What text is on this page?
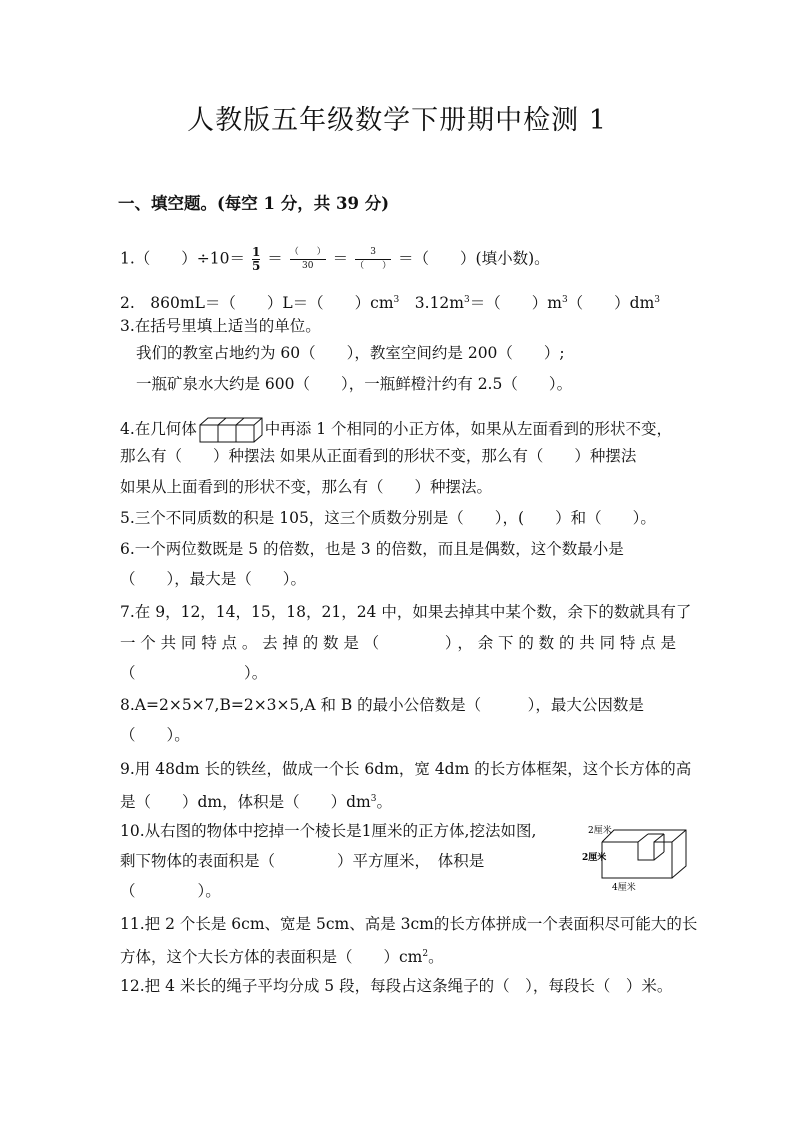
人教版五年级数学下册期中检测 1
一、填空题。(每空 1 分，共 39 分)
1.（　　）$\div 10= \frac{1}{5} = \frac{( )}{30} = \frac{3}{( )}$ ＝（　　）(填小数)。
2.　860mL＝（　　）L＝（　　）$cm^3$　$3.12m^3=$（　　）$m^3$（　　）$dm^3$
3.在括号里填上适当的单位。
我们的教室占地约为 60（　　），教室空间约是 200（　　）;
一瓶矿泉水大约是 600（　　），一瓶鲜橙汁约有 2.5（　　）。
4.在几何体	中再添 1 个相同的小正方体，如果从左面看到的形状不变，
那么有（　　）种摆法 如果从正面看到的形状不变，那么有（　　）种摆法
如果从上面看到的形状不变，那么有（　　）种摆法。
5.三个不同质数的积是 105，这三个质数分别是（　　），(　　）和（　　）。
6.一个两位数既是 5 的倍数，也是 3 的倍数，而且是偶数，这个数最小是
（　　），最大是（　　）。
7.在 9，12，14，15，18，21，24 中，如果去掉其中某个数，余下的数就具有了
一个共同特点。去掉的数是（　　　），余下的数的共同特点是
（　　　　　　　）。
8.A=2×5×7,B=2×3×5,A 和 B 的最小公倍数是（　　　），最大公因数是
（　　）。
9.用 48dm 长的铁丝，做成一个长 6dm，宽 4dm 的长方体框架，这个长方体的高
是（　　）dm，体积是（　　）$dm^3$。
10.从右图的物体中挖掉一个棱长是1厘米的正方体,挖法如图,
剩下物体的表面积是（　　　　）平方厘米，　体积是
（　　　　）。
2厘米
2厘米
4厘米
11.把 2 个长是 6cm、宽是 5cm、高是 3cm的长方体拼成一个表面积尽可能大的长
方体，这个大长方体的表面积是（　　）$cm^2$。
12.把 4 米长的绳子平均分成 5 段，每段占这条绳子的（　），每段长（　）米。
